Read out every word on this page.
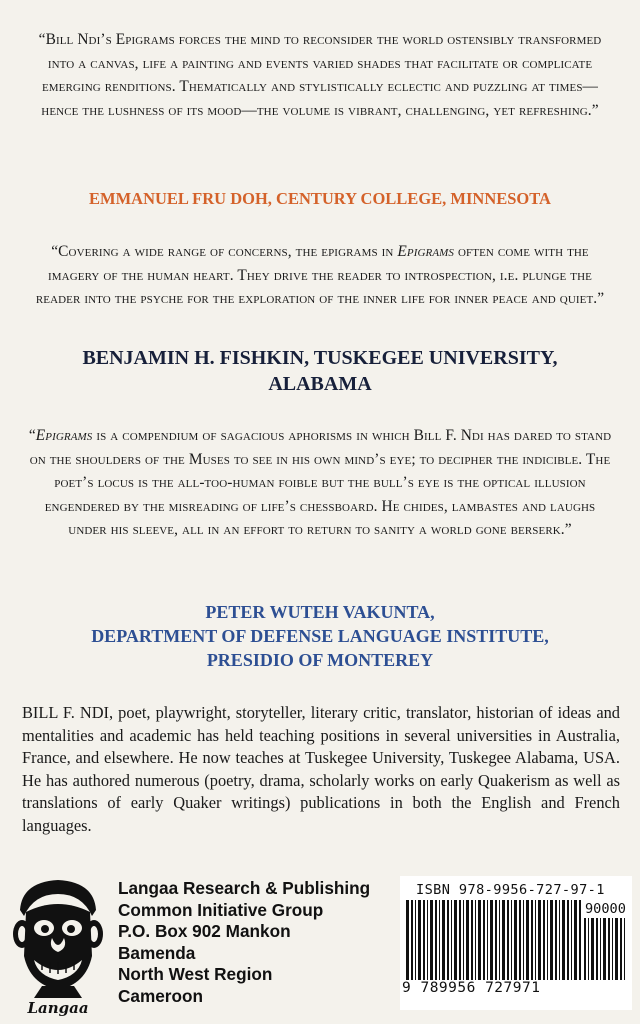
“Bill Ndi’s Epigrams forces the mind to reconsider the world ostensibly transformed into a canvas, life a painting and events varied shades that facilitate or complicate emerging renditions. Thematically and stylistically eclectic and puzzling at times—hence the lushness of its mood—the volume is vibrant, challenging, yet refreshing.”

EMMANUEL FRU DOH, CENTURY COLLEGE, MINNESOTA

“Covering a wide range of concerns, the epigrams in Epigrams often come with the imagery of the human heart. They drive the reader to introspection, i.e. plunge the reader into the psyche for the exploration of the inner life for inner peace and quiet.”

BENJAMIN H. FISHKIN, TUSKEGEE UNIVERSITY,
ALABAMA

“Epigrams is a compendium of sagacious aphorisms in which Bill F. Ndi has dared to stand on the shoulders of the Muses to see in his own mind’s eye; to decipher the indicible. The poet’s locus is the all-too-human foible but the bull’s eye is the optical illusion engendered by the misreading of life’s chessboard. He chides, lambastes and laughs under his sleeve, all in an effort to return to sanity a world gone berserk.”

PETER WUTEH VAKUNTA,
DEPARTMENT OF DEFENSE LANGUAGE INSTITUTE,
PRESIDIO OF MONTEREY

BILL F. NDI, poet, playwright, storyteller, literary critic, translator, historian of ideas and mentalities and academic has held teaching positions in several universities in Australia, France, and elsewhere. He now teaches at Tuskegee University, Tuskegee Alabama, USA. He has authored numerous (poetry, drama, scholarly works on early Quakerism as well as translations of early Quaker writings) publications in both the English and French languages.

Langaa
Langaa Research & Publishing
Common Initiative Group
P.O. Box 902 Mankon
Bamenda
North West Region
Cameroon
ISBN 978-9956-727-97-1
90000
9 789956 727971
